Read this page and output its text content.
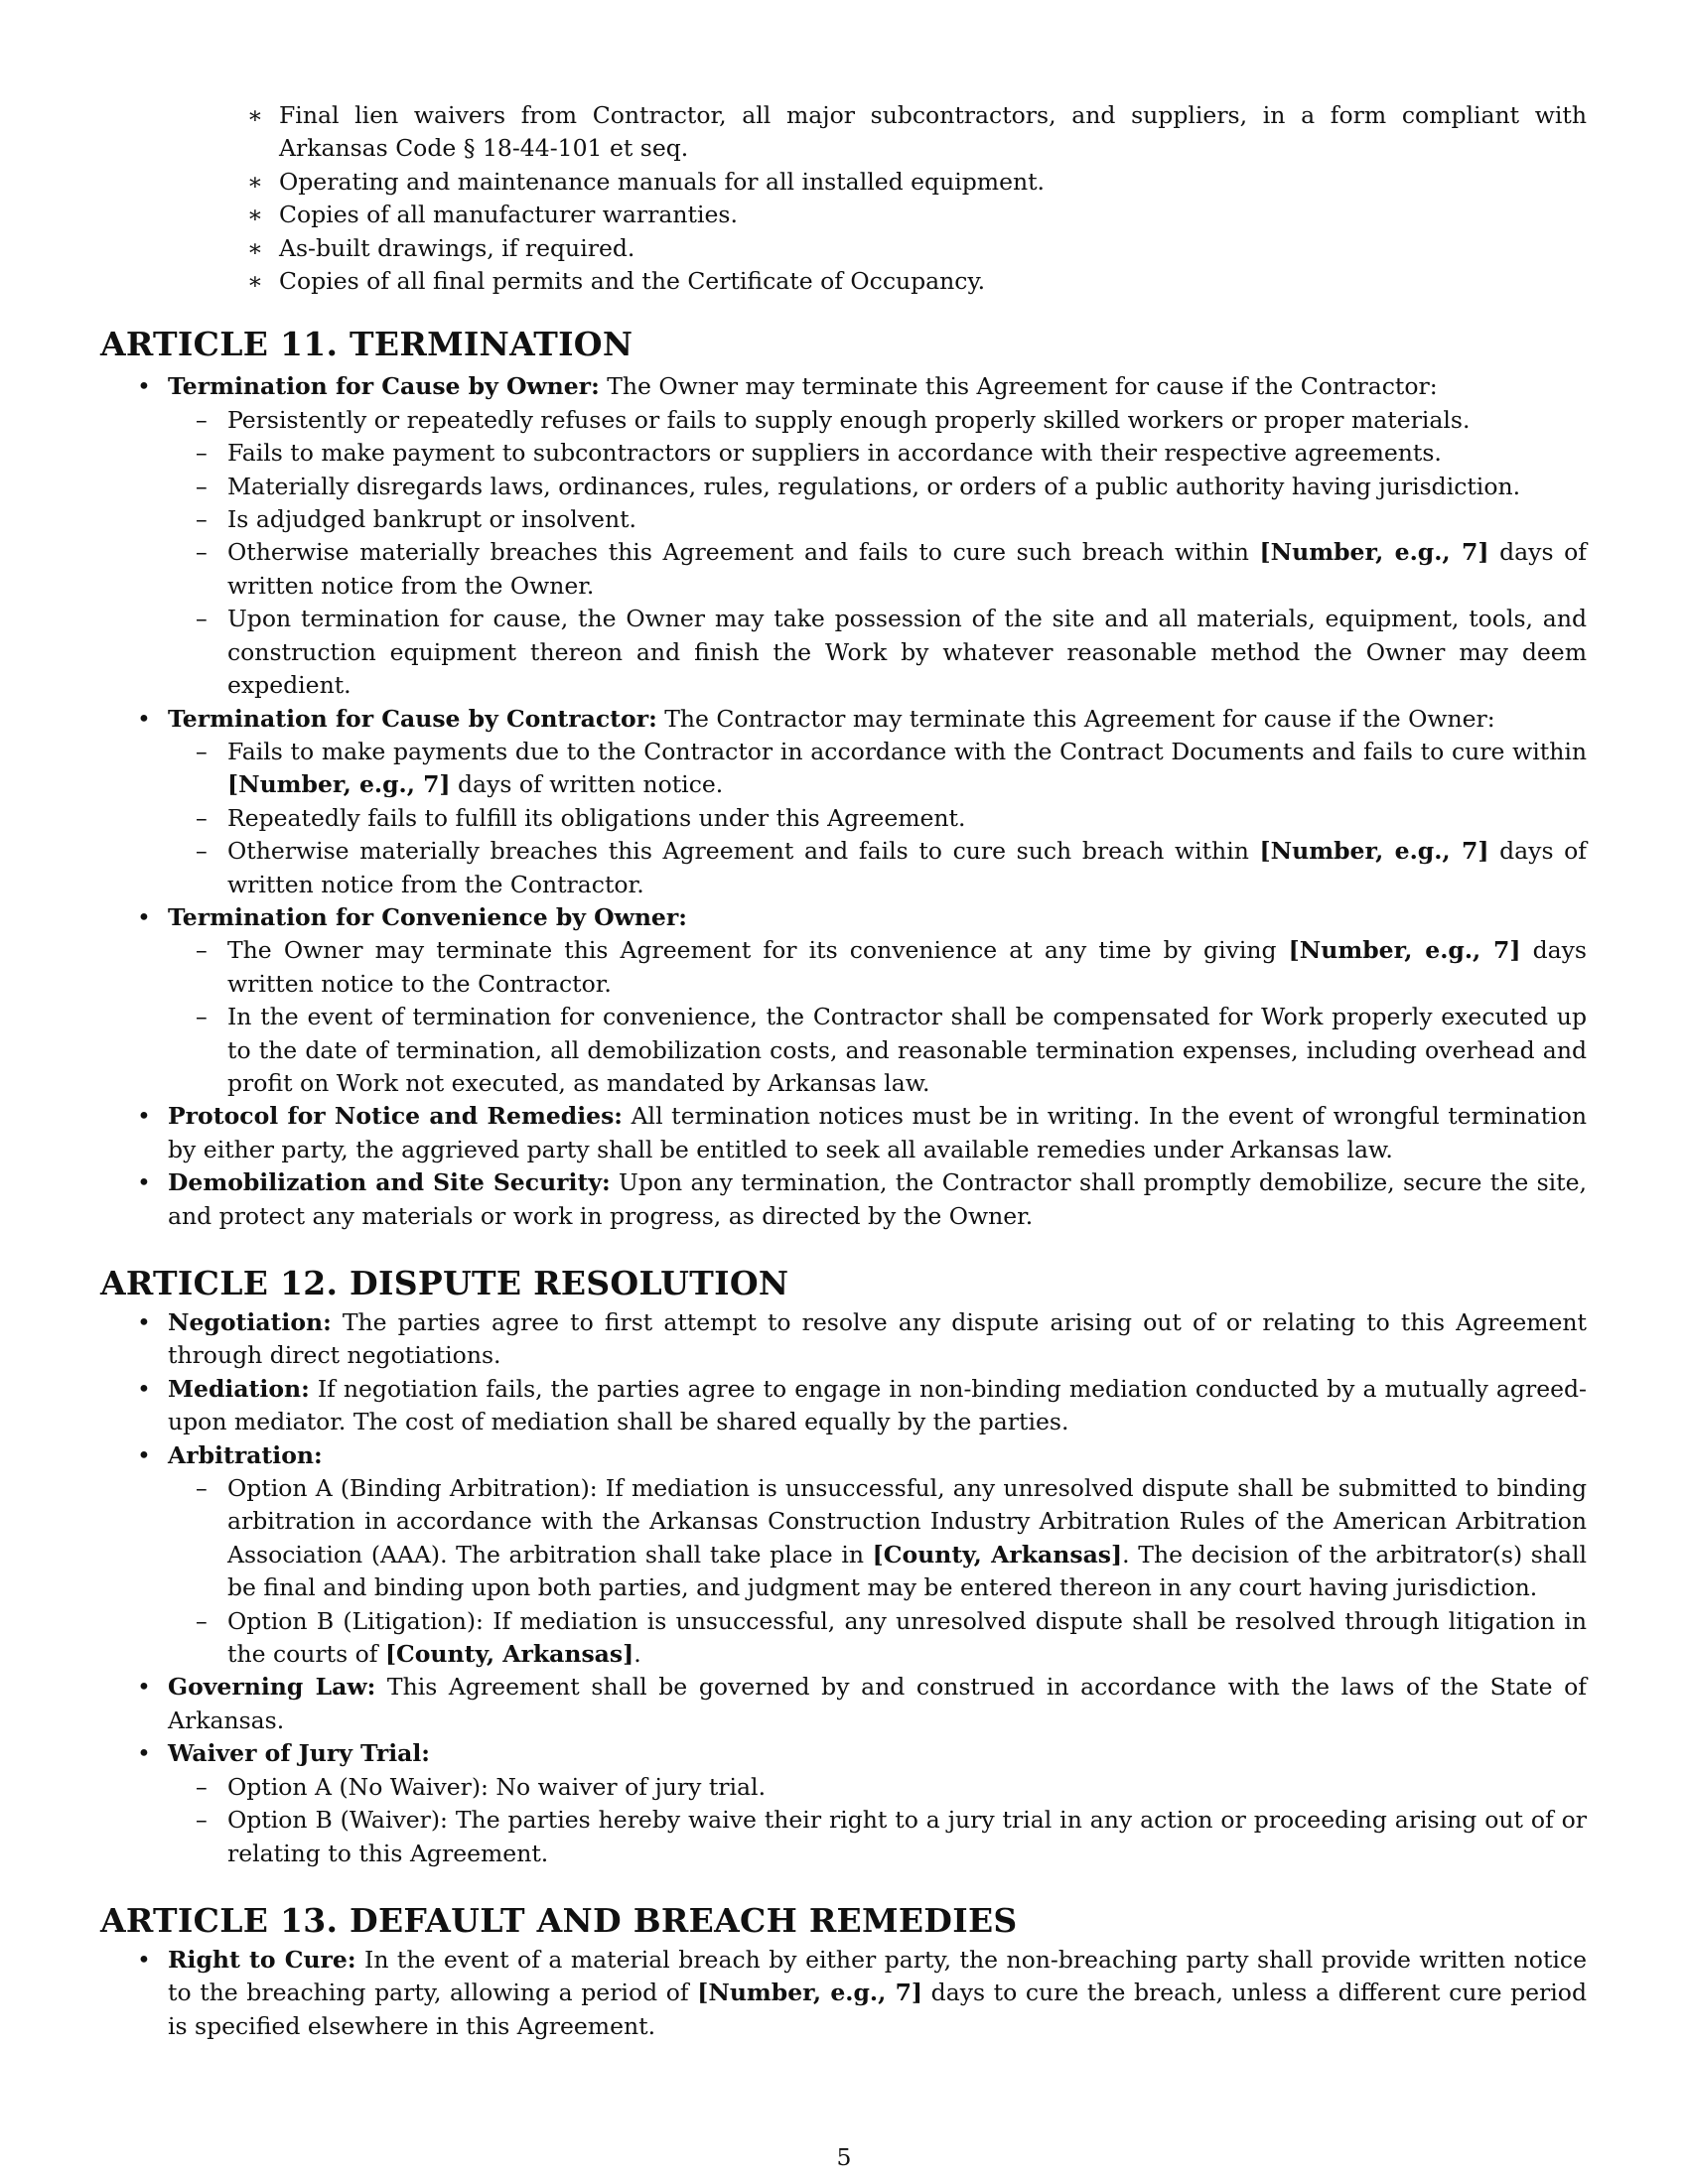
∗ Final lien waivers from Contractor, all major subcontractors, and suppliers, in a form compliant with Arkansas Code § 18-44-101 et seq.
∗ Operating and maintenance manuals for all installed equipment.
∗ Copies of all manufacturer warranties.
∗ As-built drawings, if required.
∗ Copies of all final permits and the Certificate of Occupancy.
ARTICLE 11. TERMINATION
• Termination for Cause by Owner: The Owner may terminate this Agreement for cause if the Contractor:
– Persistently or repeatedly refuses or fails to supply enough properly skilled workers or proper materials.
– Fails to make payment to subcontractors or suppliers in accordance with their respective agreements.
– Materially disregards laws, ordinances, rules, regulations, or orders of a public authority having jurisdiction.
– Is adjudged bankrupt or insolvent.
– Otherwise materially breaches this Agreement and fails to cure such breach within [Number, e.g., 7] days of written notice from the Owner.
– Upon termination for cause, the Owner may take possession of the site and all materials, equipment, tools, and construction equipment thereon and finish the Work by whatever reasonable method the Owner may deem expedient.
• Termination for Cause by Contractor: The Contractor may terminate this Agreement for cause if the Owner:
– Fails to make payments due to the Contractor in accordance with the Contract Documents and fails to cure within [Number, e.g., 7] days of written notice.
– Repeatedly fails to fulfill its obligations under this Agreement.
– Otherwise materially breaches this Agreement and fails to cure such breach within [Number, e.g., 7] days of written notice from the Contractor.
• Termination for Convenience by Owner:
– The Owner may terminate this Agreement for its convenience at any time by giving [Number, e.g., 7] days written notice to the Contractor.
– In the event of termination for convenience, the Contractor shall be compensated for Work properly executed up to the date of termination, all demobilization costs, and reasonable termination expenses, including overhead and profit on Work not executed, as mandated by Arkansas law.
• Protocol for Notice and Remedies: All termination notices must be in writing. In the event of wrongful termination by either party, the aggrieved party shall be entitled to seek all available remedies under Arkansas law.
• Demobilization and Site Security: Upon any termination, the Contractor shall promptly demobilize, secure the site, and protect any materials or work in progress, as directed by the Owner.
ARTICLE 12. DISPUTE RESOLUTION
• Negotiation: The parties agree to first attempt to resolve any dispute arising out of or relating to this Agreement through direct negotiations.
• Mediation: If negotiation fails, the parties agree to engage in non-binding mediation conducted by a mutually agreed-upon mediator. The cost of mediation shall be shared equally by the parties.
• Arbitration:
– Option A (Binding Arbitration): If mediation is unsuccessful, any unresolved dispute shall be submitted to binding arbitration in accordance with the Arkansas Construction Industry Arbitration Rules of the American Arbitration Association (AAA). The arbitration shall take place in [County, Arkansas]. The decision of the arbitrator(s) shall be final and binding upon both parties, and judgment may be entered thereon in any court having jurisdiction.
– Option B (Litigation): If mediation is unsuccessful, any unresolved dispute shall be resolved through litigation in the courts of [County, Arkansas].
• Governing Law: This Agreement shall be governed by and construed in accordance with the laws of the State of Arkansas.
• Waiver of Jury Trial:
– Option A (No Waiver): No waiver of jury trial.
– Option B (Waiver): The parties hereby waive their right to a jury trial in any action or proceeding arising out of or relating to this Agreement.
ARTICLE 13. DEFAULT AND BREACH REMEDIES
• Right to Cure: In the event of a material breach by either party, the non-breaching party shall provide written notice to the breaching party, allowing a period of [Number, e.g., 7] days to cure the breach, unless a different cure period is specified elsewhere in this Agreement.
5
